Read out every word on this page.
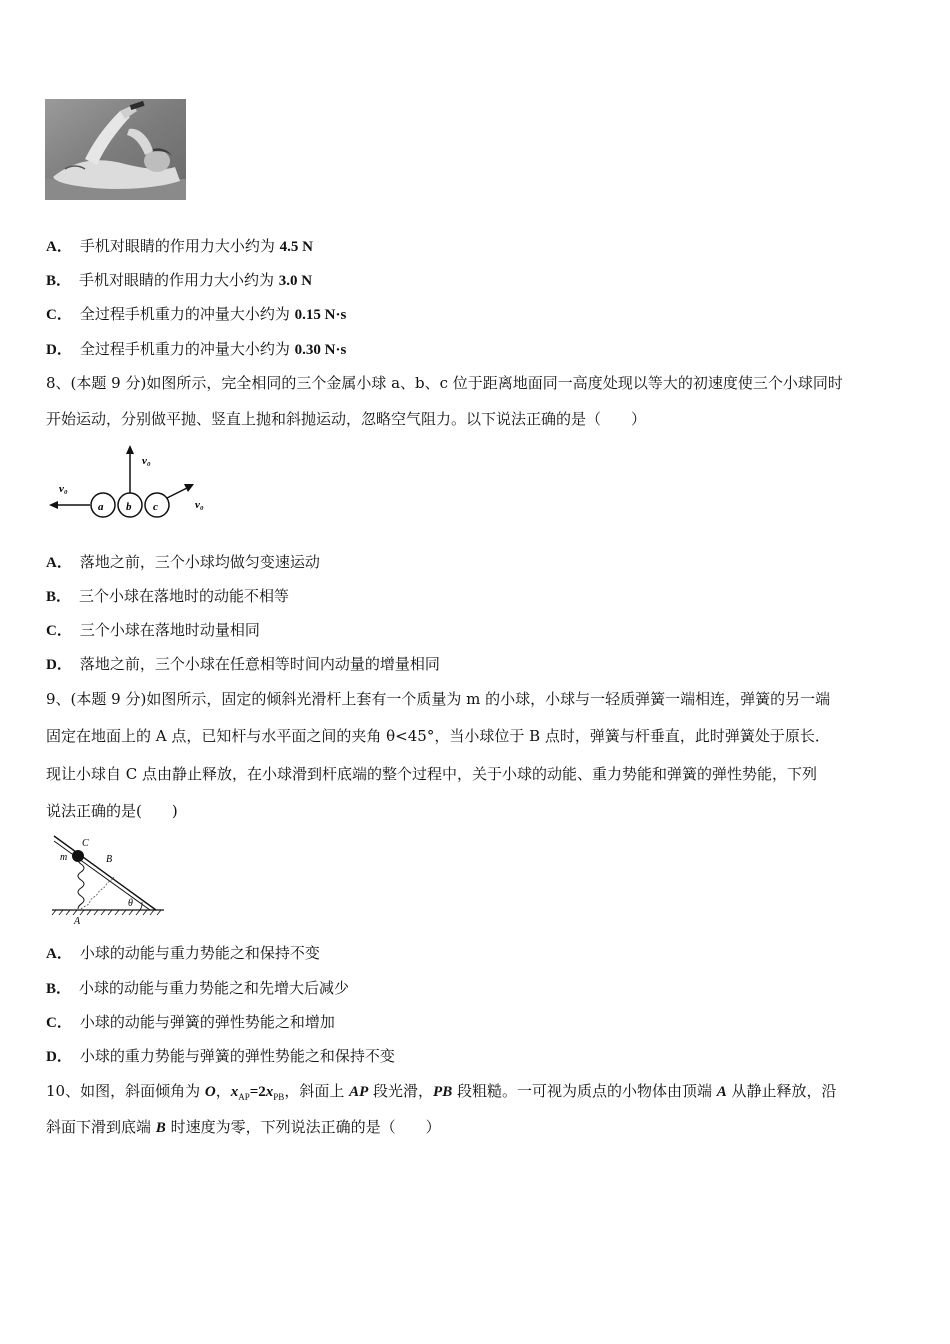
A． 手机对眼睛的作用力大小约为 4.5 N
B． 手机对眼睛的作用力大小约为 3.0 N
C． 全过程手机重力的冲量大小约为 0.15 N·s
D． 全过程手机重力的冲量大小约为 0.30 N·s
8、(本题 9 分)如图所示，完全相同的三个金属小球 a、b、c 位于距离地面同一高度处现以等大的初速度使三个小球同时
开始运动，分别做平抛、竖直上抛和斜抛运动，忽略空气阻力。以下说法正确的是（　　）
a b c
v₀
v₀
v₀
A． 落地之前，三个小球均做匀变速运动
B． 三个小球在落地时的动能不相等
C． 三个小球在落地时动量相同
D． 落地之前，三个小球在任意相等时间内动量的增量相同
9、(本题 9 分)如图所示，固定的倾斜光滑杆上套有一个质量为 m 的小球，小球与一轻质弹簧一端相连，弹簧的另一端
固定在地面上的 A 点，已知杆与水平面之间的夹角 θ<45°，当小球位于 B 点时，弹簧与杆垂直，此时弹簧处于原长．
现让小球自 C 点由静止释放，在小球滑到杆底端的整个过程中，关于小球的动能、重力势能和弹簧的弹性势能，下列
说法正确的是(　　)
m
C
B
A
θ
A． 小球的动能与重力势能之和保持不变
B． 小球的动能与重力势能之和先增大后减少
C． 小球的动能与弹簧的弹性势能之和增加
D． 小球的重力势能与弹簧的弹性势能之和保持不变
10、如图，斜面倾角为 O，$x_{AP}=2x_{PB}$，斜面上 AP 段光滑，PB 段粗糙。一可视为质点的小物体由顶端 A 从静止释放，沿
斜面下滑到底端 B 时速度为零，下列说法正确的是（　　）
